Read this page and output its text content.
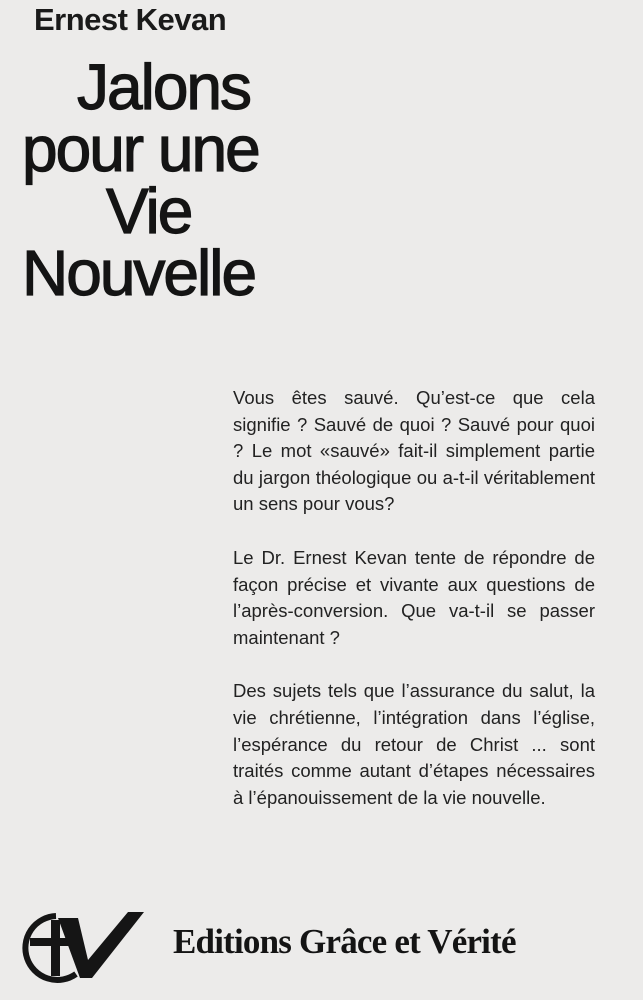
Ernest Kevan
Jalons
pour une
Vie
Nouvelle

Vous êtes sauvé. Qu’est-ce que cela signifie ? Sauvé de quoi ? Sauvé pour quoi ? Le mot «sauvé» fait-il simplement partie du jargon théologique ou a-t-il véritablement un sens pour vous?

Le Dr. Ernest Kevan tente de répondre de façon précise et vivante aux questions de l’après-conversion. Que va-t-il se passer maintenant ?

Des sujets tels que l’assurance du salut, la vie chrétienne, l’intégration dans l’église, l’espérance du retour de Christ ... sont traités comme autant d’étapes nécessaires à l’épanouissement de la vie nouvelle.

Editions Grâce et Vérité
